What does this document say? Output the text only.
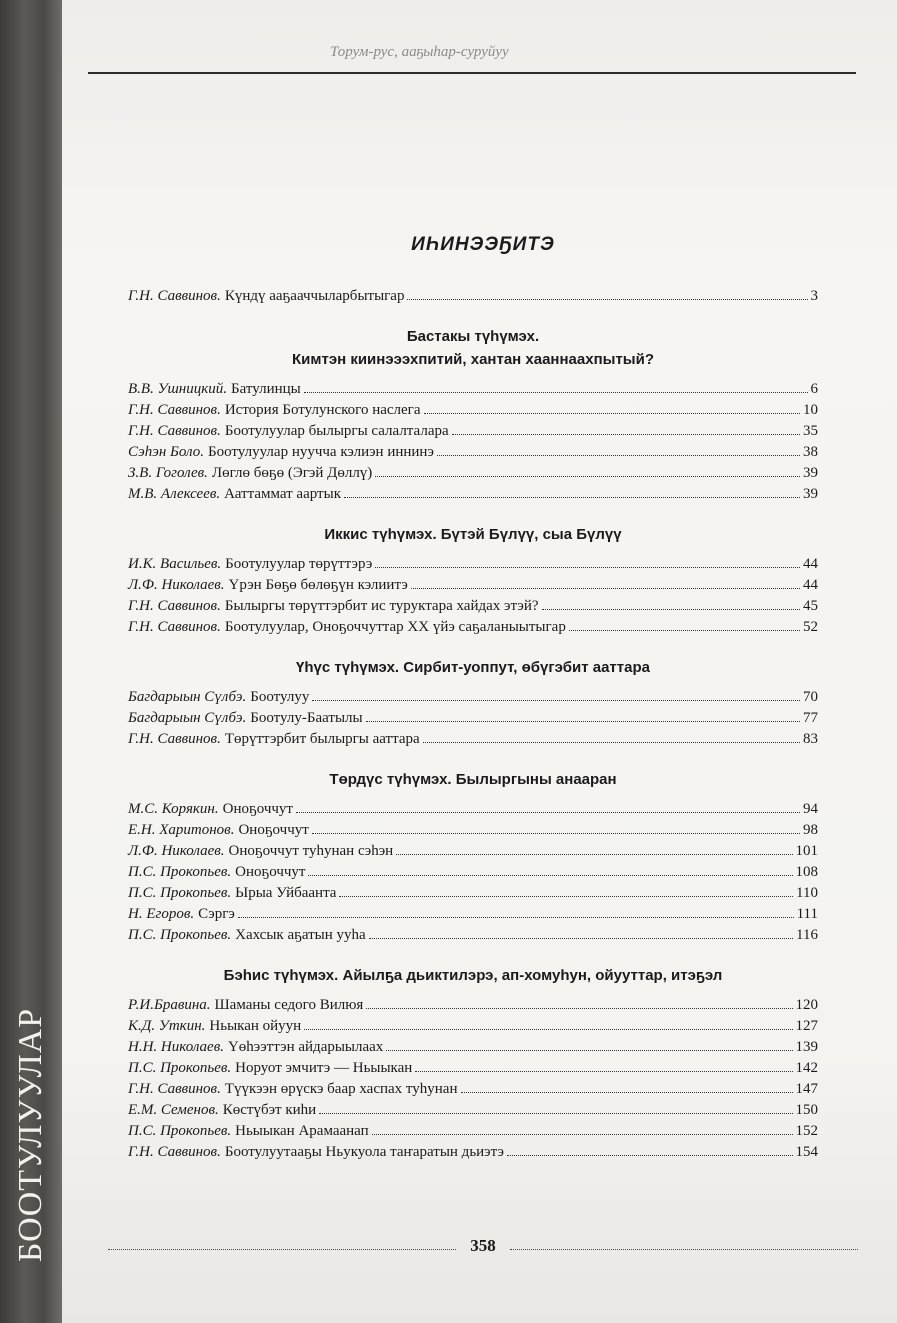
БООТУЛУУЛАР
Торум-рус, ааҕыһар-суруйуу
ИҺИНЭЭҔИТЭ
Г.Н. Саввинов. Күндү ааҕааччыларбытыгар	3
Бастакы түһүмэх.
Кимтэн киинэээхпитий, хантан хааннаахпытый?
В.В. Ушницкий. Батулинцы	6
Г.Н. Саввинов. История Ботулунского наслега	10
Г.Н. Саввинов. Боотулуулар былыргы салалталара	35
Сэһэн Боло. Боотулуулар нуучча кэлиэн иннинэ	38
З.В. Гоголев. Лөглө бөҕө (Эгэй Дөллү)	39
М.В. Алексеев. Ааттаммат аартык	39
Иккис түһүмэх. Бүтэй Бүлүү, сыа Бүлүү
И.К. Васильев. Боотулуулар төрүттэрэ	44
Л.Ф. Николаев. Үрэн Бөҕө бөлөҕүн кэлиитэ	44
Г.Н. Саввинов. Былыргы төрүттэрбит ис туруктара хайдах этэй?	45
Г.Н. Саввинов. Боотулуулар, Оноҕоччуттар ХХ үйэ саҕаланыытыгар	52
Үһүс түһүмэх. Сирбит-уоппут, өбүгэбит ааттара
Багдарыын Сүлбэ. Боотулуу	70
Багдарыын Сүлбэ. Боотулу-Баатылы	77
Г.Н. Саввинов. Төрүттэрбит былыргы ааттара	83
Төрдүс түһүмэх. Былыргыны анааран
М.С. Корякин. Оноҕоччут	94
Е.Н. Харитонов. Оноҕоччут	98
Л.Ф. Николаев. Оноҕоччут туһунан сэһэн	101
П.С. Прокопьев. Оноҕоччут	108
П.С. Прокопьев. Ырыа Уйбаанта	110
Н. Егоров. Сэргэ	111
П.С. Прокопьев. Хахсык аҕатын ууһа	116
Бэһис түһүмэх. Айылҕа дьиктилэрэ, ап-хомуһун, ойууттар, итэҕэл
Р.И.Бравина. Шаманы седого Вилюя	120
К.Д. Уткин. Ньыкан ойуун	127
Н.Н. Николаев. Үөһээттэн айдарыылаах	139
П.С. Прокопьев. Норуот эмчитэ — Ньыыкан	142
Г.Н. Саввинов. Түүкээн өрүскэ баар хаспах туһунан	147
Е.М. Семенов. Көстүбэт киһи	150
П.С. Прокопьев. Ньыыкан Арамаанап	152
Г.Н. Саввинов. Боотулуутааҕы Ньукуола таҥаратын дьиэтэ	154
358
